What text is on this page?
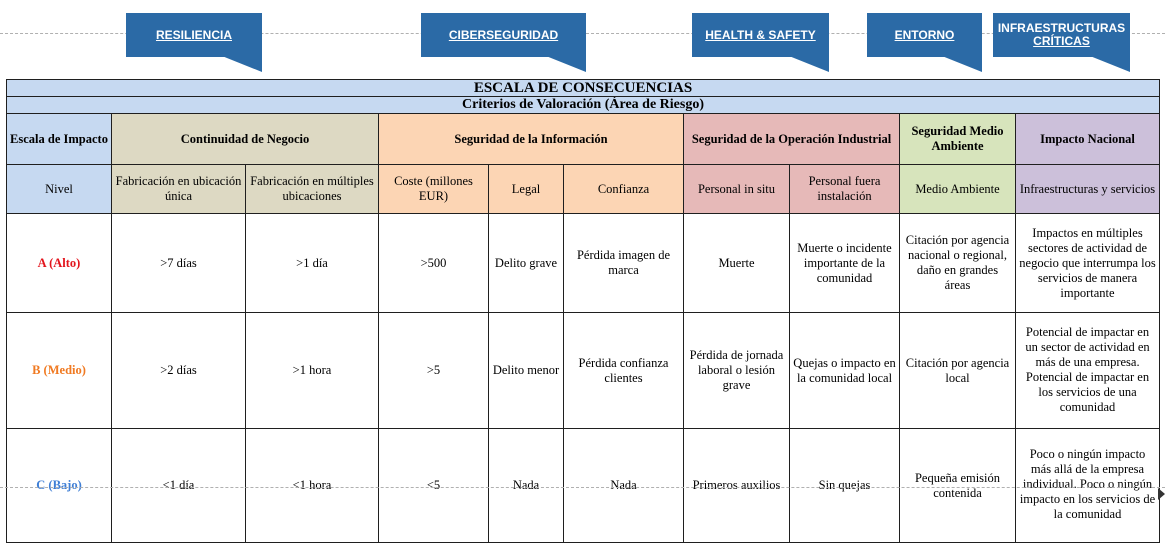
RESILIENCIA	CIBERSEGURIDAD	HEALTH & SAFETY	ENTORNO	INFRAESTRUCTURAS
CRÍTICAS
ESCALA DE CONSECUENCIAS									
Criterios de Valoración (Área de Riesgo)									
Escala de Impacto	Continuidad de Negocio		Seguridad de la Información			Seguridad de la Operación Industrial		Seguridad Medio Ambiente	Impacto Nacional
Nivel	Fabricación en ubicación única	Fabricación en múltiples ubicaciones	Coste (millones EUR)	Legal	Confianza	Personal in situ	Personal fuera instalación	Medio Ambiente	Infraestructuras y servicios
A (Alto)	>7 días	>1 día	>500	Delito grave	Pérdida imagen de marca	Muerte	Muerte o incidente importante de la comunidad	Citación por agencia nacional o regional, daño en grandes áreas	Impactos en múltiples sectores de actividad de negocio que interrumpa los servicios de manera importante
B (Medio)	>2 días	>1 hora	>5	Delito menor	Pérdida confianza clientes	Pérdida de jornada laboral o lesión grave	Quejas o impacto en la comunidad local	Citación por agencia local	Potencial de impactar en un sector de actividad en más de una empresa. Potencial de impactar en los servicios de una comunidad
C (Bajo)	<1 día	<1 hora	<5	Nada	Nada	Primeros auxilios	Sin quejas	Pequeña emisión contenida	Poco o ningún impacto más allá de la empresa individual. Poco o ningún impacto en los servicios de la comunidad
